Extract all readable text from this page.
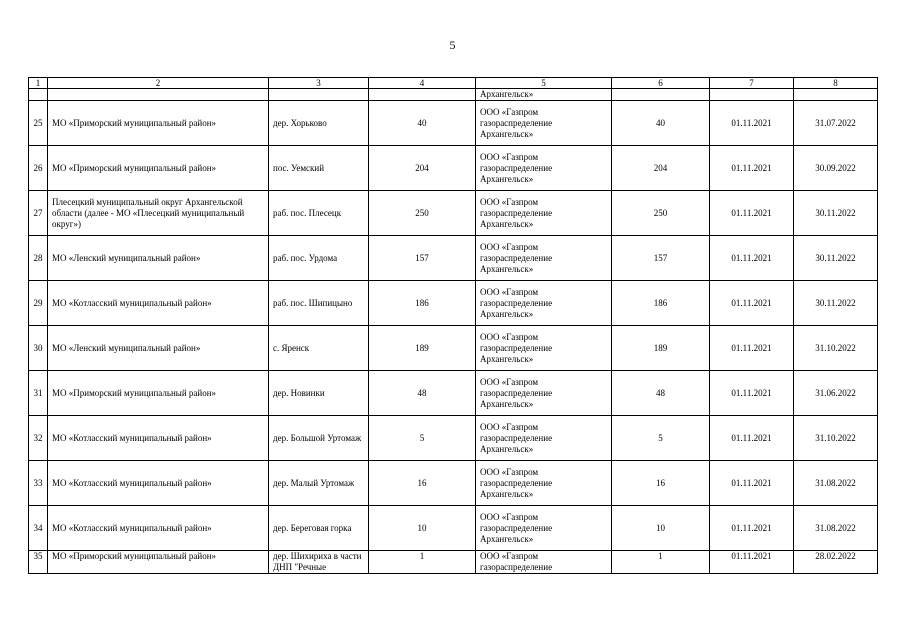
5
1	2	3	4	5	6	7	8
				Архангельск»			
25	МО «Приморский муниципальный район»	дер. Хорьково	40	ООО «Газпром газораспределение Архангельск»	40	01.11.2021	31.07.2022
26	МО «Приморский муниципальный район»	пос. Уемский	204	ООО «Газпром газораспределение Архангельск»	204	01.11.2021	30.09.2022
27	Плесецкий муниципальный округ Архангельской области (далее - МО «Плесецкий муниципальный округ»)	раб. пос. Плесецк	250	ООО «Газпром газораспределение Архангельск»	250	01.11.2021	30.11.2022
28	МО «Ленский муниципальный район»	раб. пос. Урдома	157	ООО «Газпром газораспределение Архангельск»	157	01.11.2021	30.11.2022
29	МО «Котласский муниципальный район»	раб. пос. Шипицыно	186	ООО «Газпром газораспределение Архангельск»	186	01.11.2021	30.11.2022
30	МО «Ленский муниципальный район»	с. Яренск	189	ООО «Газпром газораспределение Архангельск»	189	01.11.2021	31.10.2022
31	МО «Приморский муниципальный район»	дер. Новинки	48	ООО «Газпром газораспределение Архангельск»	48	01.11.2021	31.06.2022
32	МО «Котласский муниципальный район»	дер. Большой Уртомаж	5	ООО «Газпром газораспределение Архангельск»	5	01.11.2021	31.10.2022
33	МО «Котласский муниципальный район»	дер. Малый Уртомаж	16	ООО «Газпром газораспределение Архангельск»	16	01.11.2021	31.08.2022
34	МО «Котласский муниципальный район»	дер. Береговая горка	10	ООО «Газпром газораспределение Архангельск»	10	01.11.2021	31.08.2022
35	МО «Приморский муниципальный район»	дер. Шихириха в части ДНП "Речные	1	ООО «Газпром газораспределение	1	01.11.2021	28.02.2022
